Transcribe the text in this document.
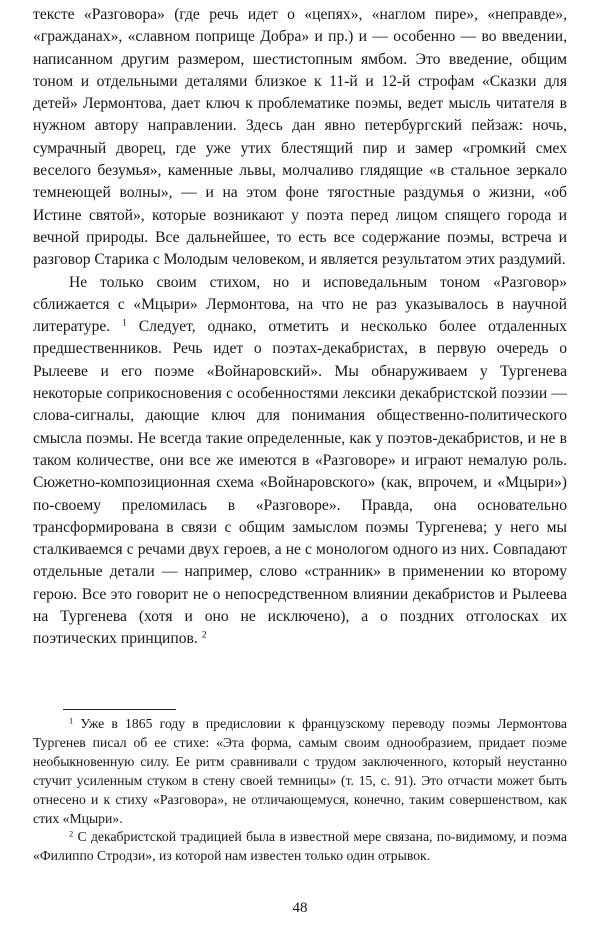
тексте «Разговора» (где речь идет о «цепях», «наглом пире», «неправде», «гражданах», «славном поприще Добра» и пр.) и — особенно — во введении, написанном другим размером, шестистопным ямбом. Это введение, общим тоном и отдельными деталями близкое к 11-й и 12-й строфам «Сказки для детей» Лермонтова, дает ключ к проблематике поэмы, ведет мысль читателя в нужном автору направлении. Здесь дан явно петербургский пейзаж: ночь, сумрачный дворец, где уже утих блестящий пир и замер «громкий смех веселого безумья», каменные львы, молчаливо глядящие «в стальное зеркало темнеющей волны», — и на этом фоне тягостные раздумья о жизни, «об Истине святой», которые возникают у поэта перед лицом спящего города и вечной природы. Все дальнейшее, то есть все содержание поэмы, встреча и разговор Старика с Молодым человеком, и является результатом этих раздумий.

Не только своим стихом, но и исповедальным тоном «Разговор» сближается с «Мцыри» Лермонтова, на что не раз указывалось в научной литературе. $^1$ Следует, однако, отметить и несколько более отдаленных предшественников. Речь идет о поэтах-декабристах, в первую очередь о Рылееве и его поэме «Войнаровский». Мы обнаруживаем у Тургенева некоторые соприкосновения с особенностями лексики декабристской поэзии — слова-сигналы, дающие ключ для понимания общественно-политического смысла поэмы. Не всегда такие определенные, как у поэтов-декабристов, и не в таком количестве, они все же имеются в «Разговоре» и играют немалую роль. Сюжетно-композиционная схема «Войнаровского» (как, впрочем, и «Мцыри») по-своему преломилась в «Разговоре». Правда, она основательно трансформирована в связи с общим замыслом поэмы Тургенева; у него мы сталкиваемся с речами двух героев, а не с монологом одного из них. Совпадают отдельные детали — например, слово «странник» в применении ко второму герою. Все это говорит не о непосредственном влиянии декабристов и Рылеева на Тургенева (хотя и оно не исключено), а о поздних отголосках их поэтических принципов. $^2$

$^1$ Уже в 1865 году в предисловии к французскому переводу поэмы Лермонтова Тургенев писал об ее стихе: «Эта форма, самым своим однообразием, придает поэме необыкновенную силу. Ее ритм сравнивали с трудом заключенного, который неустанно стучит усиленным стуком в стену своей темницы» (т. 15, с. 91). Это отчасти может быть отнесено и к стиху «Разговора», не отличающемуся, конечно, таким совершенством, как стих «Мцыри».

$^2$ С декабристской традицией была в известной мере связана, по-видимому, и поэма «Филиппо Стродзи», из которой нам известен только один отрывок.

48
